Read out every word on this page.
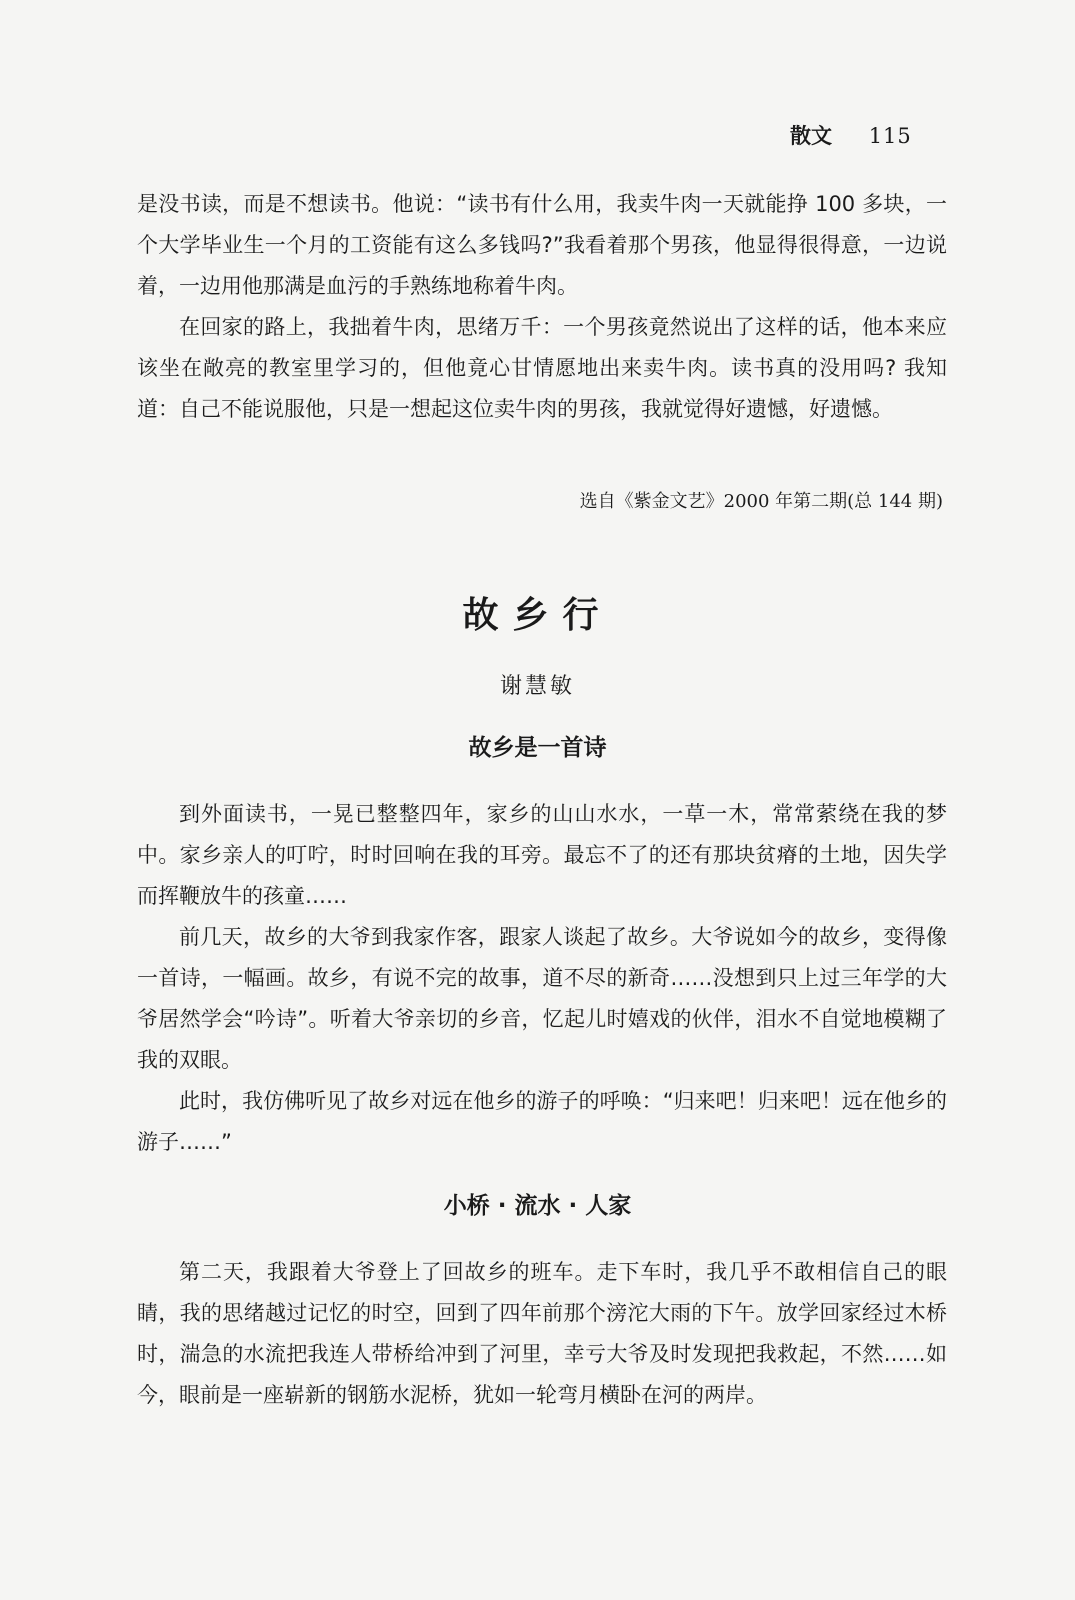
散文 115

是没书读，而是不想读书。他说：“读书有什么用，我卖牛肉一天就能挣 100 多块，一个大学毕业生一个月的工资能有这么多钱吗?”我看着那个男孩，他显得很得意，一边说着，一边用他那满是血污的手熟练地称着牛肉。

在回家的路上，我拙着牛肉，思绪万千：一个男孩竟然说出了这样的话，他本来应该坐在敞亮的教室里学习的，但他竟心甘情愿地出来卖牛肉。读书真的没用吗? 我知道：自己不能说服他，只是一想起这位卖牛肉的男孩，我就觉得好遗憾，好遗憾。

选自《紫金文艺》2000 年第二期(总 144 期)
故乡行
谢慧敏
故乡是一首诗

到外面读书，一晃已整整四年，家乡的山山水水，一草一木，常常萦绕在我的梦中。家乡亲人的叮咛，时时回响在我的耳旁。最忘不了的还有那块贫瘠的土地，因失学而挥鞭放牛的孩童……

前几天，故乡的大爷到我家作客，跟家人谈起了故乡。大爷说如今的故乡，变得像一首诗，一幅画。故乡，有说不完的故事，道不尽的新奇……没想到只上过三年学的大爷居然学会“吟诗”。听着大爷亲切的乡音，忆起儿时嬉戏的伙伴，泪水不自觉地模糊了我的双眼。

此时，我仿佛听见了故乡对远在他乡的游子的呼唤：“归来吧！归来吧！远在他乡的游子……”

小桥 · 流水 · 人家

第二天，我跟着大爷登上了回故乡的班车。走下车时，我几乎不敢相信自己的眼睛，我的思绪越过记忆的时空，回到了四年前那个滂沱大雨的下午。放学回家经过木桥时，湍急的水流把我连人带桥给冲到了河里，幸亏大爷及时发现把我救起，不然……如今，眼前是一座崭新的钢筋水泥桥，犹如一轮弯月横卧在河的两岸。
